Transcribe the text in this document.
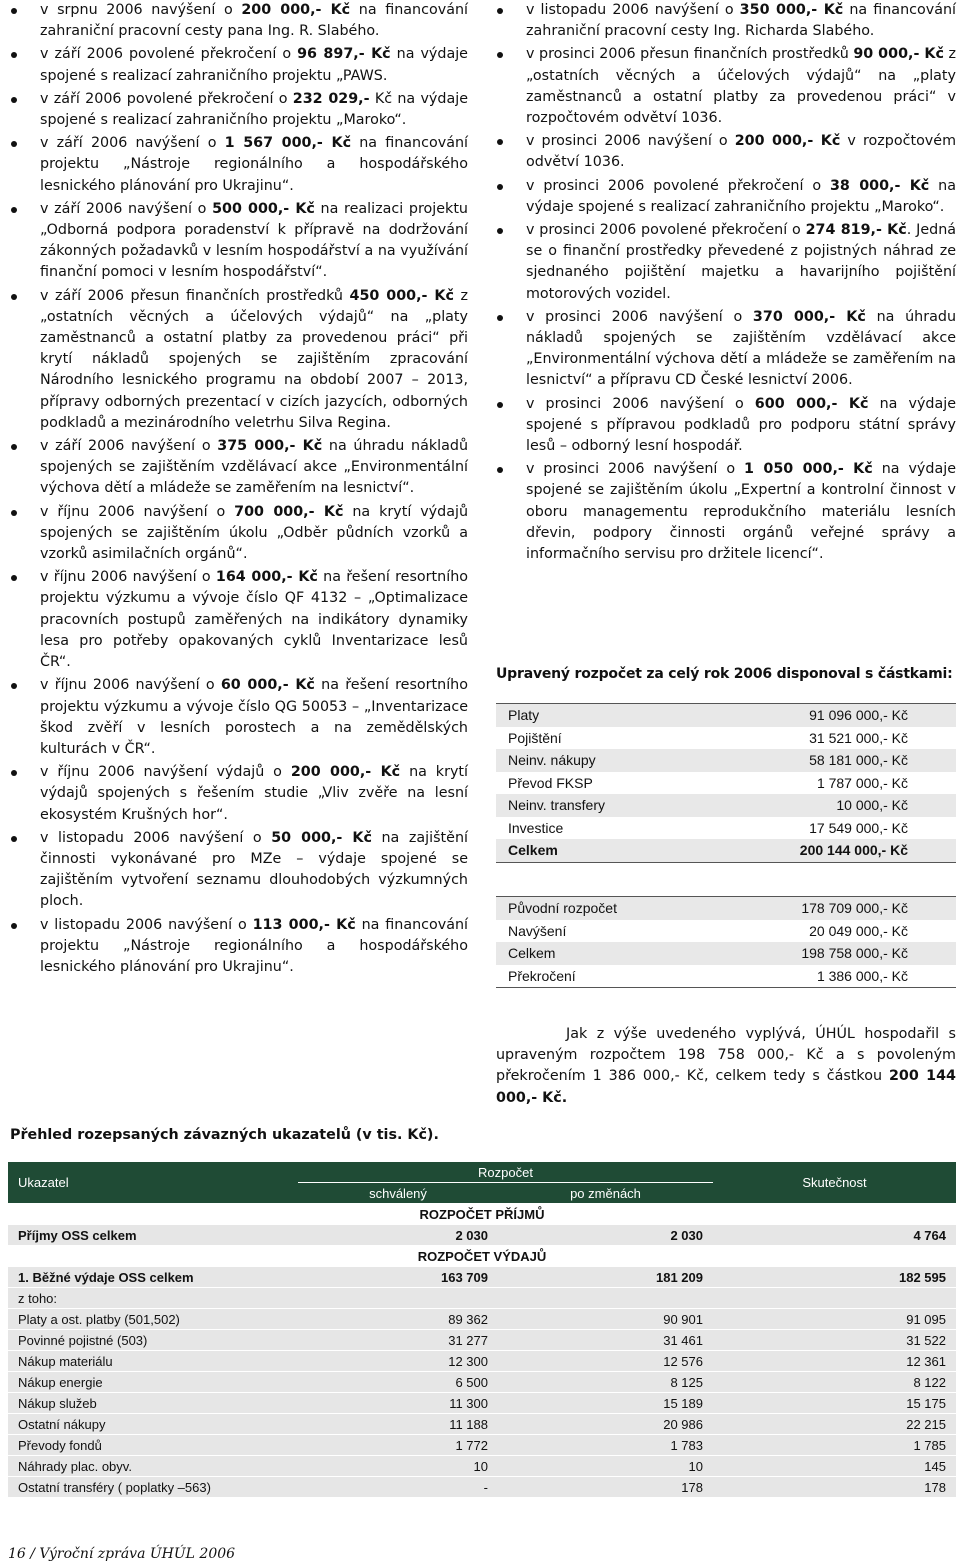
v srpnu 2006 navýšení o 200 000,- Kč na financování zahraniční pracovní cesty pana Ing. R. Slabého.
v září 2006 povolené překročení o 96 897,- Kč na výdaje spojené s realizací zahraničního projektu „PAWS.
v září 2006 povolené překročení o 232 029,- Kč na výdaje spojené s realizací zahraničního projektu „Maroko“.
v září 2006 navýšení o 1 567 000,- Kč na financování projektu „Nástroje regionálního a hospodářského lesnického plánování pro Ukrajinu“.
v září 2006 navýšení o 500 000,- Kč na realizaci projektu „Odborná podpora poradenství k přípravě na dodržování zákonných požadavků v lesním hospodářství a na využívání finanční pomoci v lesním hospodářství“.
v září 2006 přesun finančních prostředků 450 000,- Kč z „ostatních věcných a účelových výdajů“ na „platy zaměstnanců a ostatní platby za provedenou práci“ při krytí nákladů spojených se zajištěním zpracování Národního lesnického programu na období 2007 – 2013, přípravy odborných prezentací v cizích jazycích, odborných podkladů a mezinárodního veletrhu Silva Regina.
v září 2006 navýšení o 375 000,- Kč na úhradu nákladů spojených se zajištěním vzdělávací akce „Environmentální výchova dětí a mládeže se zaměřením na lesnictví“.
v říjnu 2006 navýšení o 700 000,- Kč na krytí výdajů spojených se zajištěním úkolu „Odběr půdních vzorků a vzorků asimilačních orgánů“.
v říjnu 2006 navýšení o 164 000,- Kč na řešení resortního projektu výzkumu a vývoje číslo QF 4132 – „Optimalizace pracovních postupů zaměřených na indikátory dynamiky lesa pro potřeby opakovaných cyklů Inventarizace lesů ČR“.
v říjnu 2006 navýšení o 60 000,- Kč na řešení resortního projektu výzkumu a vývoje číslo QG 50053 – „Inventarizace škod zvěří v lesních porostech a na zemědělských kulturách v ČR“.
v říjnu 2006 navýšení výdajů o 200 000,- Kč na krytí výdajů spojených s řešením studie „Vliv zvěře na lesní ekosystém Krušných hor“.
v listopadu 2006 navýšení o 50 000,- Kč na zajištění činnosti vykonávané pro MZe – výdaje spojené se zajištěním vytvoření seznamu dlouhodobých výzkumných ploch.
v listopadu 2006 navýšení o 113 000,- Kč na financování projektu „Nástroje regionálního a hospodářského lesnického plánování pro Ukrajinu“.
v listopadu 2006 navýšení o 350 000,- Kč na financování zahraniční pracovní cesty Ing. Richarda Slabého.
v prosinci 2006 přesun finančních prostředků 90 000,- Kč z „ostatních věcných a účelových výdajů“ na „platy zaměstnanců a ostatní platby za provedenou práci“ v rozpočtovém odvětví 1036.
v prosinci 2006 navýšení o 200 000,- Kč v rozpočtovém odvětví 1036.
v prosinci 2006 povolené překročení o 38 000,- Kč na výdaje spojené s realizací zahraničního projektu „Maroko“.
v prosinci 2006 povolené překročení o 274 819,- Kč. Jedná se o finanční prostředky převedené z pojistných náhrad ze sjednaného pojištění majetku a havarijního pojištění motorových vozidel.
v prosinci 2006 navýšení o 370 000,- Kč na úhradu nákladů spojených se zajištěním vzdělávací akce „Environmentální výchova dětí a mládeže se zaměřením na lesnictví“ a přípravu CD České lesnictví 2006.
v prosinci 2006 navýšení o 600 000,- Kč na výdaje spojené s přípravou podkladů pro podporu státní správy lesů – odborný lesní hospodář.
v prosinci 2006 navýšení o 1 050 000,- Kč na výdaje spojené se zajištěním úkolu „Expertní a kontrolní činnost v oboru managementu reprodukčního materiálu lesních dřevin, podpory činnosti orgánů veřejné správy a informačního servisu pro držitele licencí“.
Upravený rozpočet za celý rok 2006 disponoval s částkami:
Platy	91 096 000,- Kč
Pojištění	31 521 000,- Kč
Neinv. nákupy	58 181 000,- Kč
Převod FKSP	1 787 000,- Kč
Neinv. transfery	10 000,- Kč
Investice	17 549 000,- Kč
Celkem	200 144 000,- Kč
Původní rozpočet	178 709 000,- Kč
Navýšení	20 049 000,- Kč
Celkem	198 758 000,- Kč
Překročení	1 386 000,- Kč
Jak z výše uvedeného vyplývá, ÚHÚL hospodařil s upraveným rozpočtem 198 758 000,- Kč a s povoleným překročením 1 386 000,- Kč, celkem tedy s částkou 200 144 000,- Kč.
Přehled rozepsaných závazných ukazatelů (v tis. Kč).
Ukazatel	Rozpočet		Skutečnost
	schválený	po změnách	
ROZPOČET PŘÍJMŮ			
Příjmy OSS celkem	2 030	2 030	4 764
ROZPOČET VÝDAJŮ			
1. Běžné výdaje OSS celkem	163 709	181 209	182 595
z toho:			
Platy a ost. platby (501,502)	89 362	90 901	91 095
Povinné pojistné (503)	31 277	31 461	31 522
Nákup materiálu	12 300	12 576	12 361
Nákup energie	6 500	8 125	8 122
Nákup služeb	11 300	15 189	15 175
Ostatní nákupy	11 188	20 986	22 215
Převody fondů	1 772	1 783	1 785
Náhrady plac. obyv.	10	10	145
Ostatní transféry ( poplatky –563)	-	178	178
16 / Výroční zpráva ÚHÚL 2006
